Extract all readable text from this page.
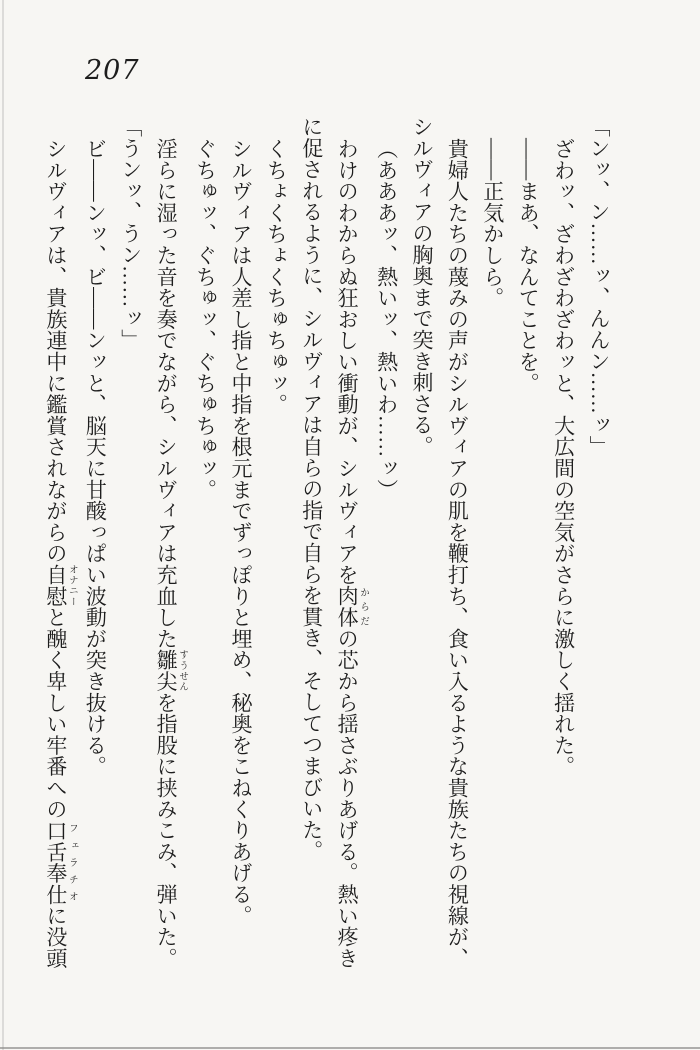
207

「ンッ、ン……ッ、んんン……ッ」

ざわッ、ざわざわざわッと、大広間の空気がさらに激しく揺れた。

――まあ、なんてことを。

――正気かしら。

貴婦人たちの蔑みの声がシルヴィアの肌を鞭打ち、食い入るような貴族たちの視線が、

シルヴィアの胸奥まで突き刺さる。

（あああッ、熱いッ、熱いわ……ッ）

わけのわからぬ狂おしい衝動が、シルヴィアを肉体 からだの芯から揺さぶりあげる。熱い疼き

に促されるように、シルヴィアは自らの指で自らを貫き、そしてつまびいた。

くちょくちょくちゅちゅッ。

シルヴィアは人差し指と中指を根元までずっぽりと埋め、秘奥をこねくりあげる。

ぐちゅッ、ぐちゅッ、ぐちゅちゅッ。

淫らに湿った音を奏でながら、シルヴィアは充血した雛尖 すうせんを指股に挟みこみ、弾いた。

「うンッ、うン……ッ」

ビ――ンッ、ビ――ンッと、脳天に甘酸っぱい波動が突き抜ける。

シルヴィアは、貴族連中に鑑賞されながらの自慰 オナニーと醜く卑しい牢番への口舌奉仕 フェラチオに没頭
